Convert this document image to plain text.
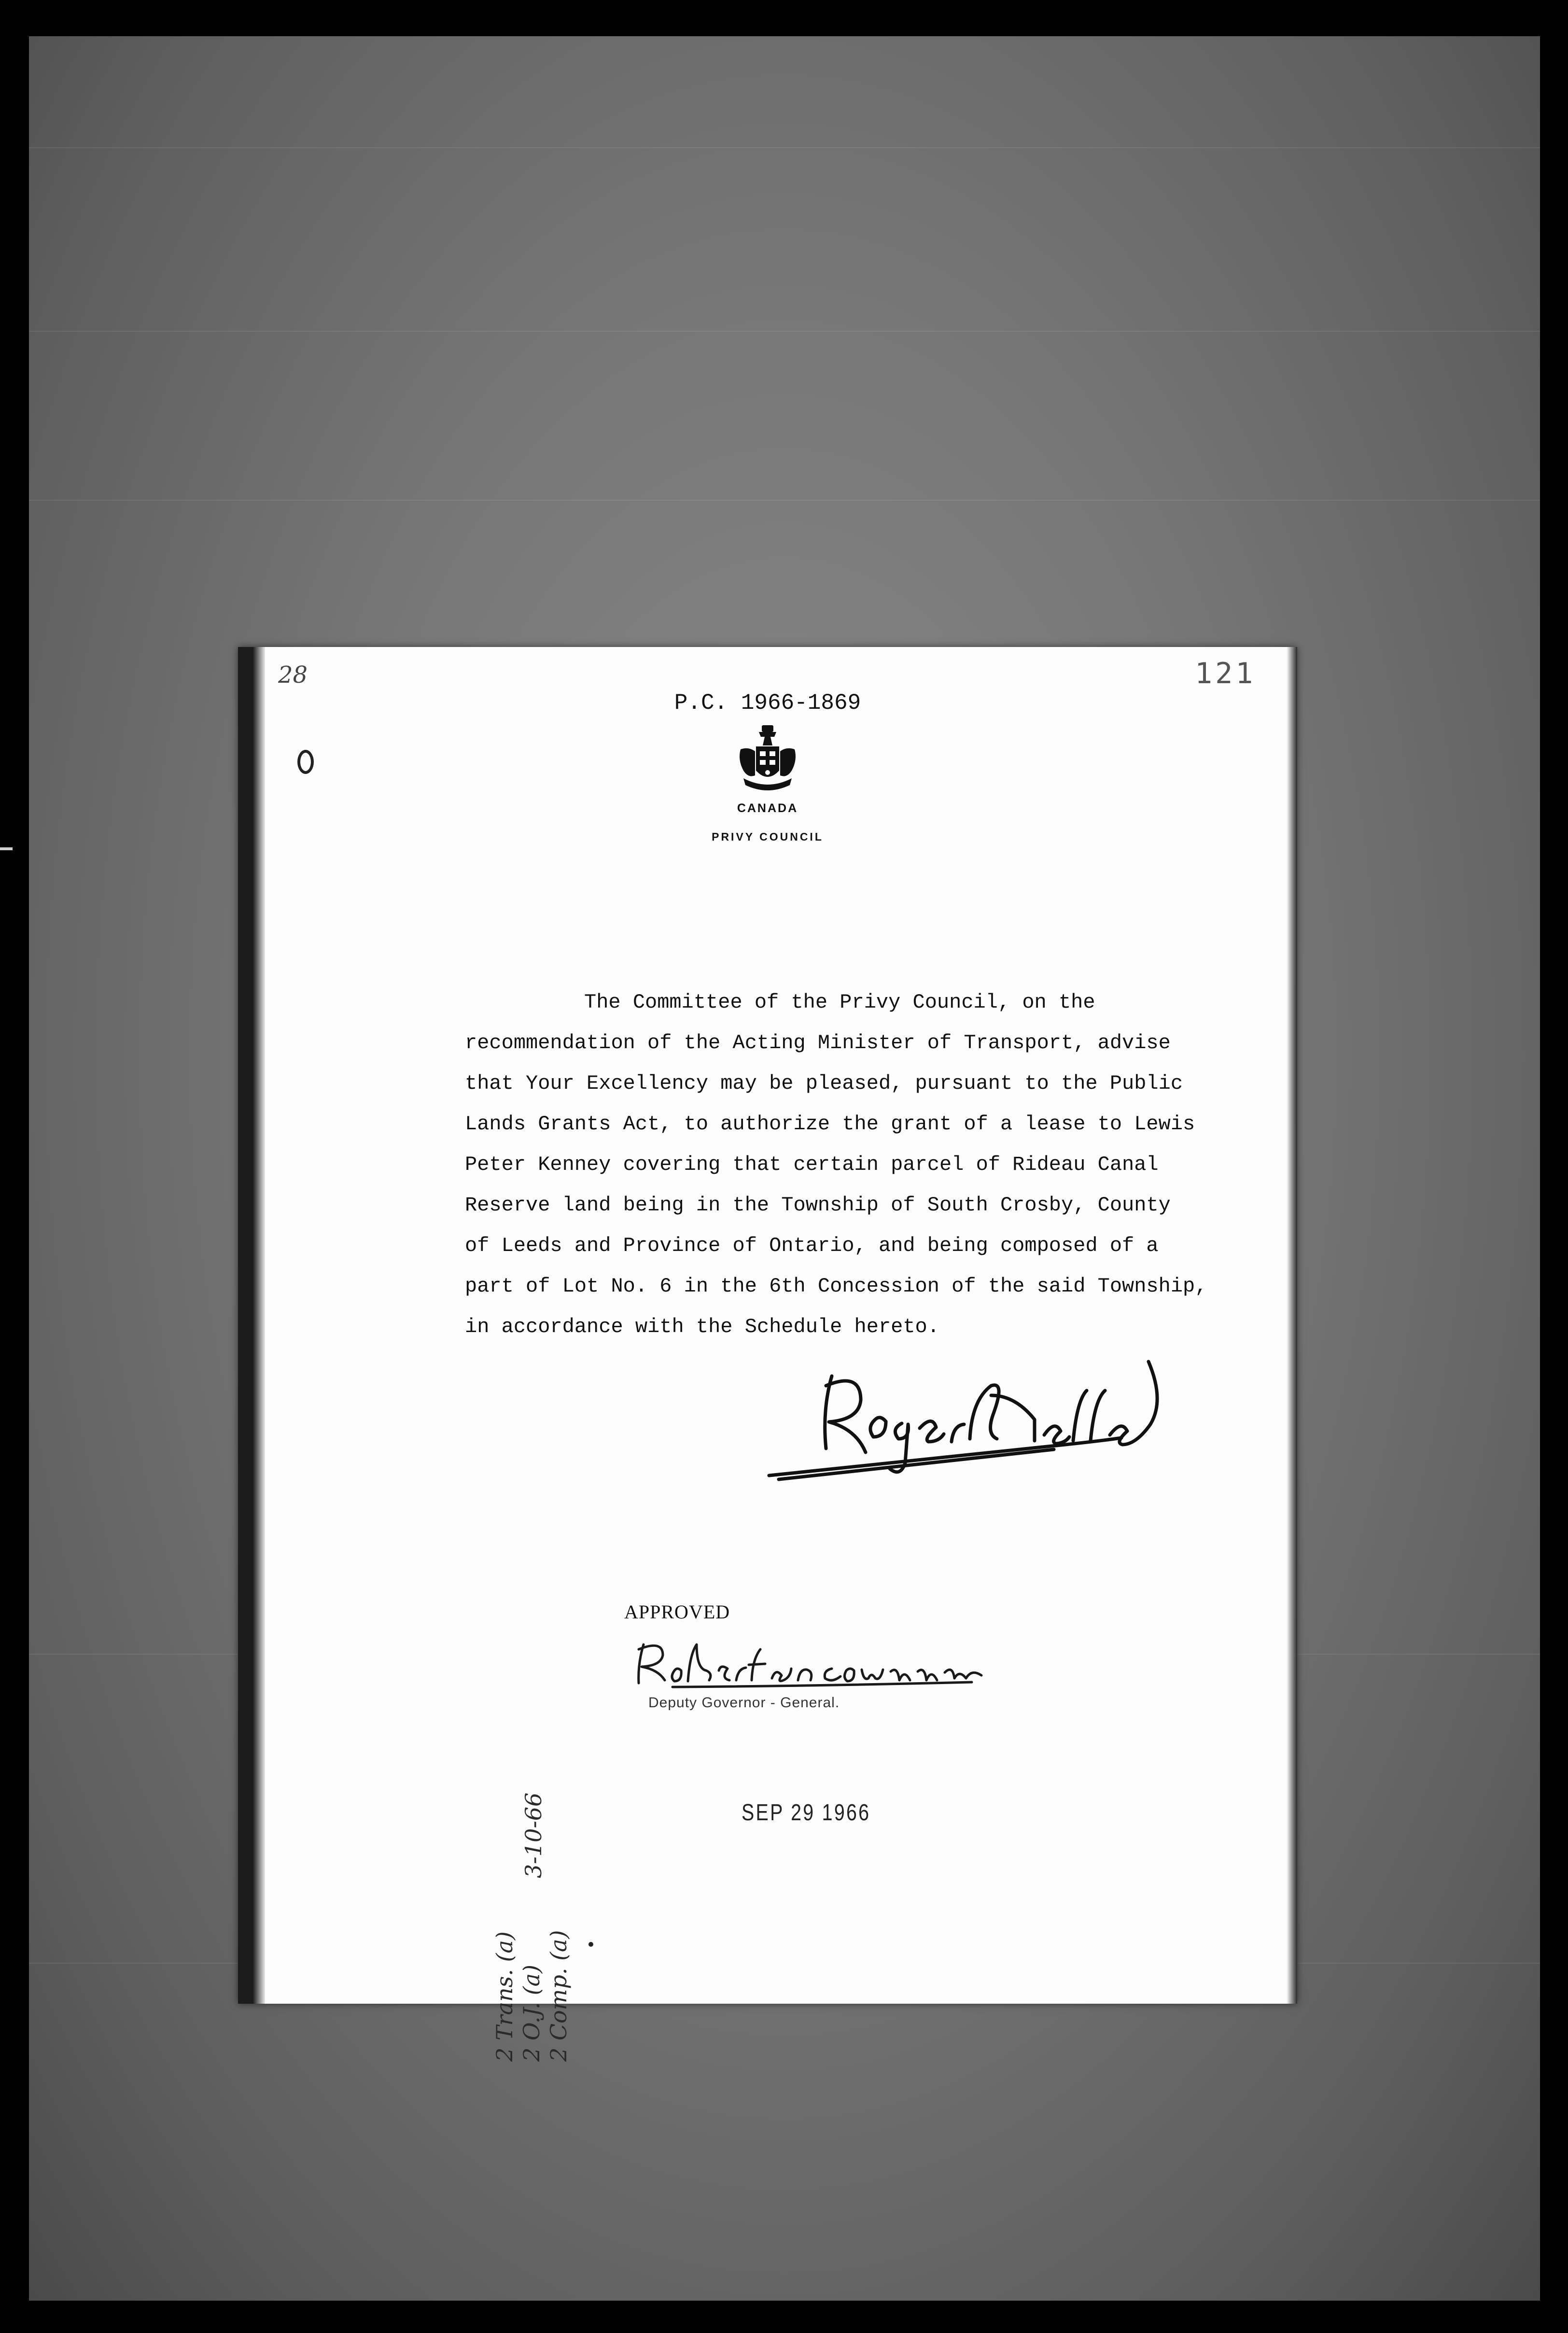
28	121
P.C. 1966-1869
CANADA
PRIVY COUNCIL
The Committee of the Privy Council, on the
recommendation of the Acting Minister of Transport, advise
that Your Excellency may be pleased, pursuant to the Public
Lands Grants Act, to authorize the grant of a lease to Lewis
Peter Kenney covering that certain parcel of Rideau Canal
Reserve land being in the Township of South Crosby, County
of Leeds and Province of Ontario, and being composed of a
part of Lot No. 6 in the 6th Concession of the said Township,
in accordance with the Schedule hereto.
APPROVED
Deputy Governor - General.
SEP 29 1966
3-10-66
2 Trans. (a) 2 O.J. (a) 2 Comp. (a)
